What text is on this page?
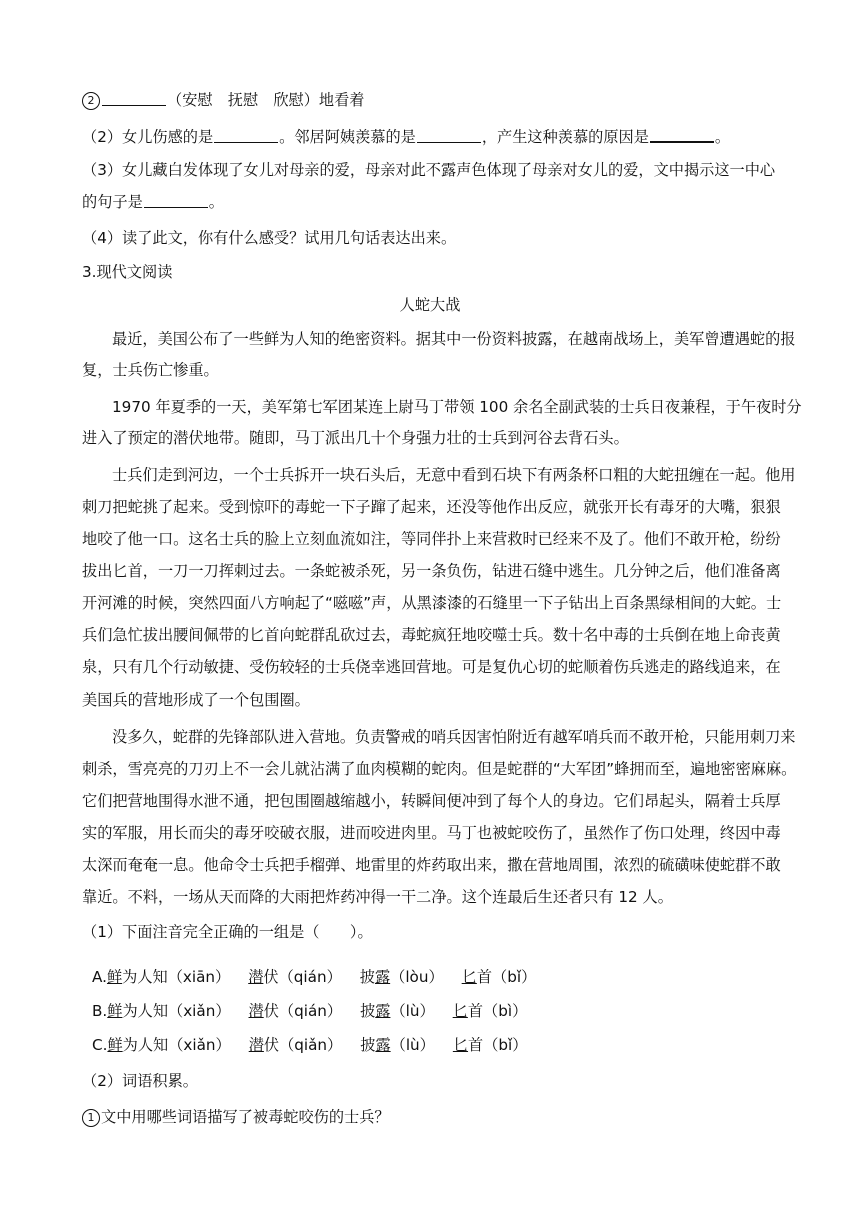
2	（安慰　抚慰　欣慰）地看着
（2）女儿伤感的是	。邻居阿姨羡慕的是	，产生这种羡慕的原因是	。
（3）女儿藏白发体现了女儿对母亲的爱，母亲对此不露声色体现了母亲对女儿的爱，文中揭示这一中心
的句子是	。
（4）读了此文，你有什么感受？试用几句话表达出来。
3.现代文阅读
人蛇大战
最近，美国公布了一些鲜为人知的绝密资料。据其中一份资料披露，在越南战场上，美军曾遭遇蛇的报
复，士兵伤亡惨重。
1970 年夏季的一天，美军第七军团某连上尉马丁带领 100 余名全副武装的士兵日夜兼程，于午夜时分
进入了预定的潜伏地带。随即，马丁派出几十个身强力壮的士兵到河谷去背石头。
士兵们走到河边，一个士兵拆开一块石头后，无意中看到石块下有两条杯口粗的大蛇扭缠在一起。他用
刺刀把蛇挑了起来。受到惊吓的毒蛇一下子蹿了起来，还没等他作出反应，就张开长有毒牙的大嘴，狠狠
地咬了他一口。这名士兵的脸上立刻血流如注，等同伴扑上来营救时已经来不及了。他们不敢开枪，纷纷
拔出匕首，一刀一刀挥刺过去。一条蛇被杀死，另一条负伤，钻进石缝中逃生。几分钟之后，他们准备离
开河滩的时候，突然四面八方响起了“嗞嗞”声，从黑漆漆的石缝里一下子钻出上百条黑绿相间的大蛇。士
兵们急忙拔出腰间佩带的匕首向蛇群乱砍过去，毒蛇疯狂地咬噬士兵。数十名中毒的士兵倒在地上命丧黄
泉，只有几个行动敏捷、受伤较轻的士兵侥幸逃回营地。可是复仇心切的蛇顺着伤兵逃走的路线追来，在
美国兵的营地形成了一个包围圈。
没多久，蛇群的先锋部队进入营地。负责警戒的哨兵因害怕附近有越军哨兵而不敢开枪，只能用刺刀来
刺杀，雪亮亮的刀刃上不一会儿就沾满了血肉模糊的蛇肉。但是蛇群的“大军团”蜂拥而至，遍地密密麻麻。
它们把营地围得水泄不通，把包围圈越缩越小，转瞬间便冲到了每个人的身边。它们昂起头，隔着士兵厚
实的军服，用长而尖的毒牙咬破衣服，进而咬进肉里。马丁也被蛇咬伤了，虽然作了伤口处理，终因中毒
太深而奄奄一息。他命令士兵把手榴弹、地雷里的炸药取出来，撒在营地周围，浓烈的硫磺味使蛇群不敢
靠近。不料，一场从天而降的大雨把炸药冲得一干二净。这个连最后生还者只有 12 人。
（1）下面注音完全正确的一组是（　　）。
A.鲜为人知（xiān） 潜伏（qián） 披露（lòu） 匕首（bǐ）
B.鲜为人知（xiǎn） 潜伏（qián） 披露（lù） 匕首（bì）
C.鲜为人知（xiǎn） 潜伏（qiǎn） 披露（lù） 匕首（bǐ）
（2）词语积累。
1 文中用哪些词语描写了被毒蛇咬伤的士兵？
